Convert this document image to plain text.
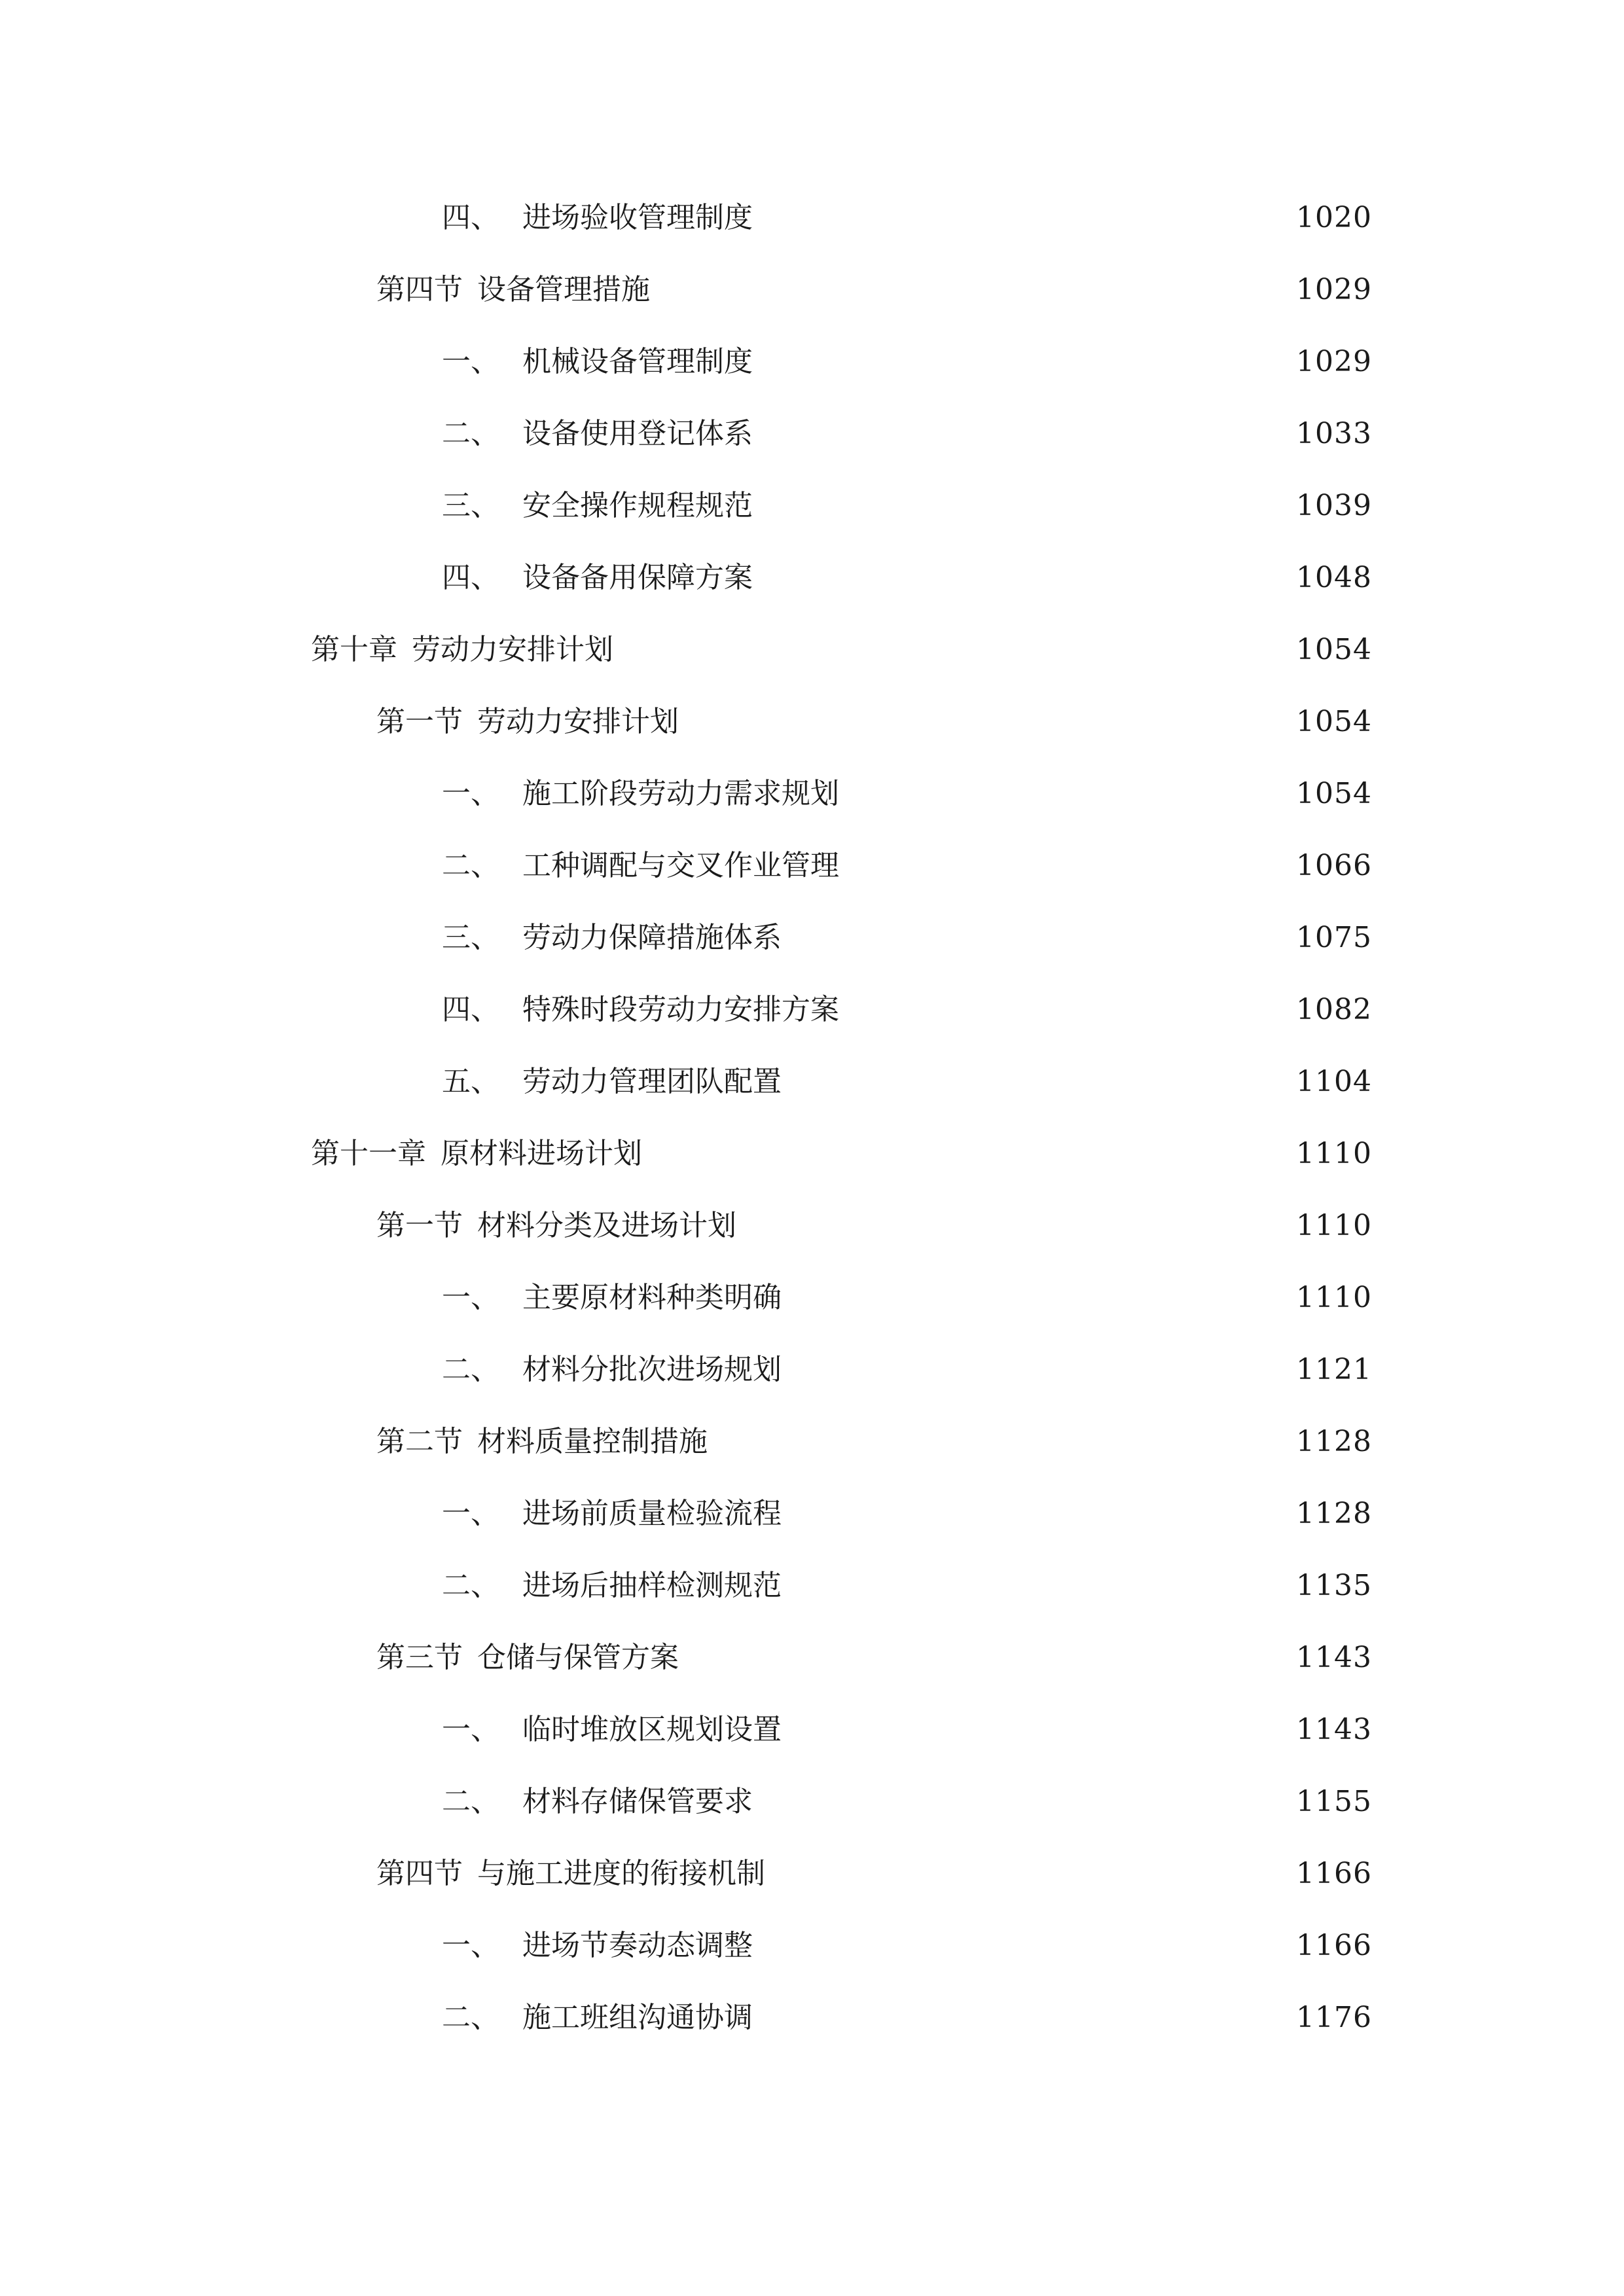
四、 进场验收管理制度	1020
第四节 设备管理措施	1029
一、 机械设备管理制度	1029
二、 设备使用登记体系	1033
三、 安全操作规程规范	1039
四、 设备备用保障方案	1048
第十章 劳动力安排计划	1054
第一节 劳动力安排计划	1054
一、 施工阶段劳动力需求规划	1054
二、 工种调配与交叉作业管理	1066
三、 劳动力保障措施体系	1075
四、 特殊时段劳动力安排方案	1082
五、 劳动力管理团队配置	1104
第十一章 原材料进场计划	1110
第一节 材料分类及进场计划	1110
一、 主要原材料种类明确	1110
二、 材料分批次进场规划	1121
第二节 材料质量控制措施	1128
一、 进场前质量检验流程	1128
二、 进场后抽样检测规范	1135
第三节 仓储与保管方案	1143
一、 临时堆放区规划设置	1143
二、 材料存储保管要求	1155
第四节 与施工进度的衔接机制	1166
一、 进场节奏动态调整	1166
二、 施工班组沟通协调	1176
